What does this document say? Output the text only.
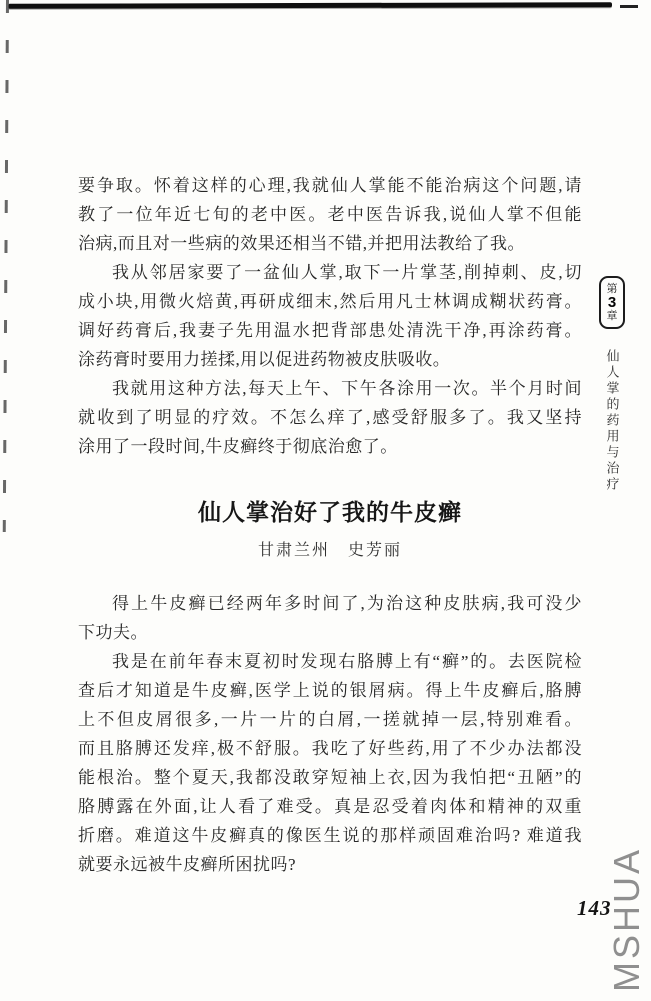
要争取。怀着这样的心理,我就仙人掌能不能治病这个问题,请
教了一位年近七旬的老中医。老中医告诉我,说仙人掌不但能
治病,而且对一些病的效果还相当不错,并把用法教给了我。
我从邻居家要了一盆仙人掌,取下一片掌茎,削掉刺、皮,切
成小块,用微火焙黄,再研成细末,然后用凡士林调成糊状药膏。
调好药膏后,我妻子先用温水把背部患处清洗干净,再涂药膏。
涂药膏时要用力搓揉,用以促进药物被皮肤吸收。
我就用这种方法,每天上午、下午各涂用一次。半个月时间
就收到了明显的疗效。不怎么痒了,感受舒服多了。我又坚持
涂用了一段时间,牛皮癣终于彻底治愈了。
仙人掌治好了我的牛皮癣
甘肃兰州　史芳丽
得上牛皮癣已经两年多时间了,为治这种皮肤病,我可没少
下功夫。
我是在前年春末夏初时发现右胳膊上有“癣”的。去医院检
查后才知道是牛皮癣,医学上说的银屑病。得上牛皮癣后,胳膊
上不但皮屑很多,一片一片的白屑,一搓就掉一层,特别难看。
而且胳膊还发痒,极不舒服。我吃了好些药,用了不少办法都没
能根治。整个夏天,我都没敢穿短袖上衣,因为我怕把“丑陋”的
胳膊露在外面,让人看了难受。真是忍受着肉体和精神的双重
折磨。难道这牛皮癣真的像医生说的那样顽固难治吗? 难道我
就要永远被牛皮癣所困扰吗?
第
3
章
仙人掌的药用与治疗
143
MSHUA
